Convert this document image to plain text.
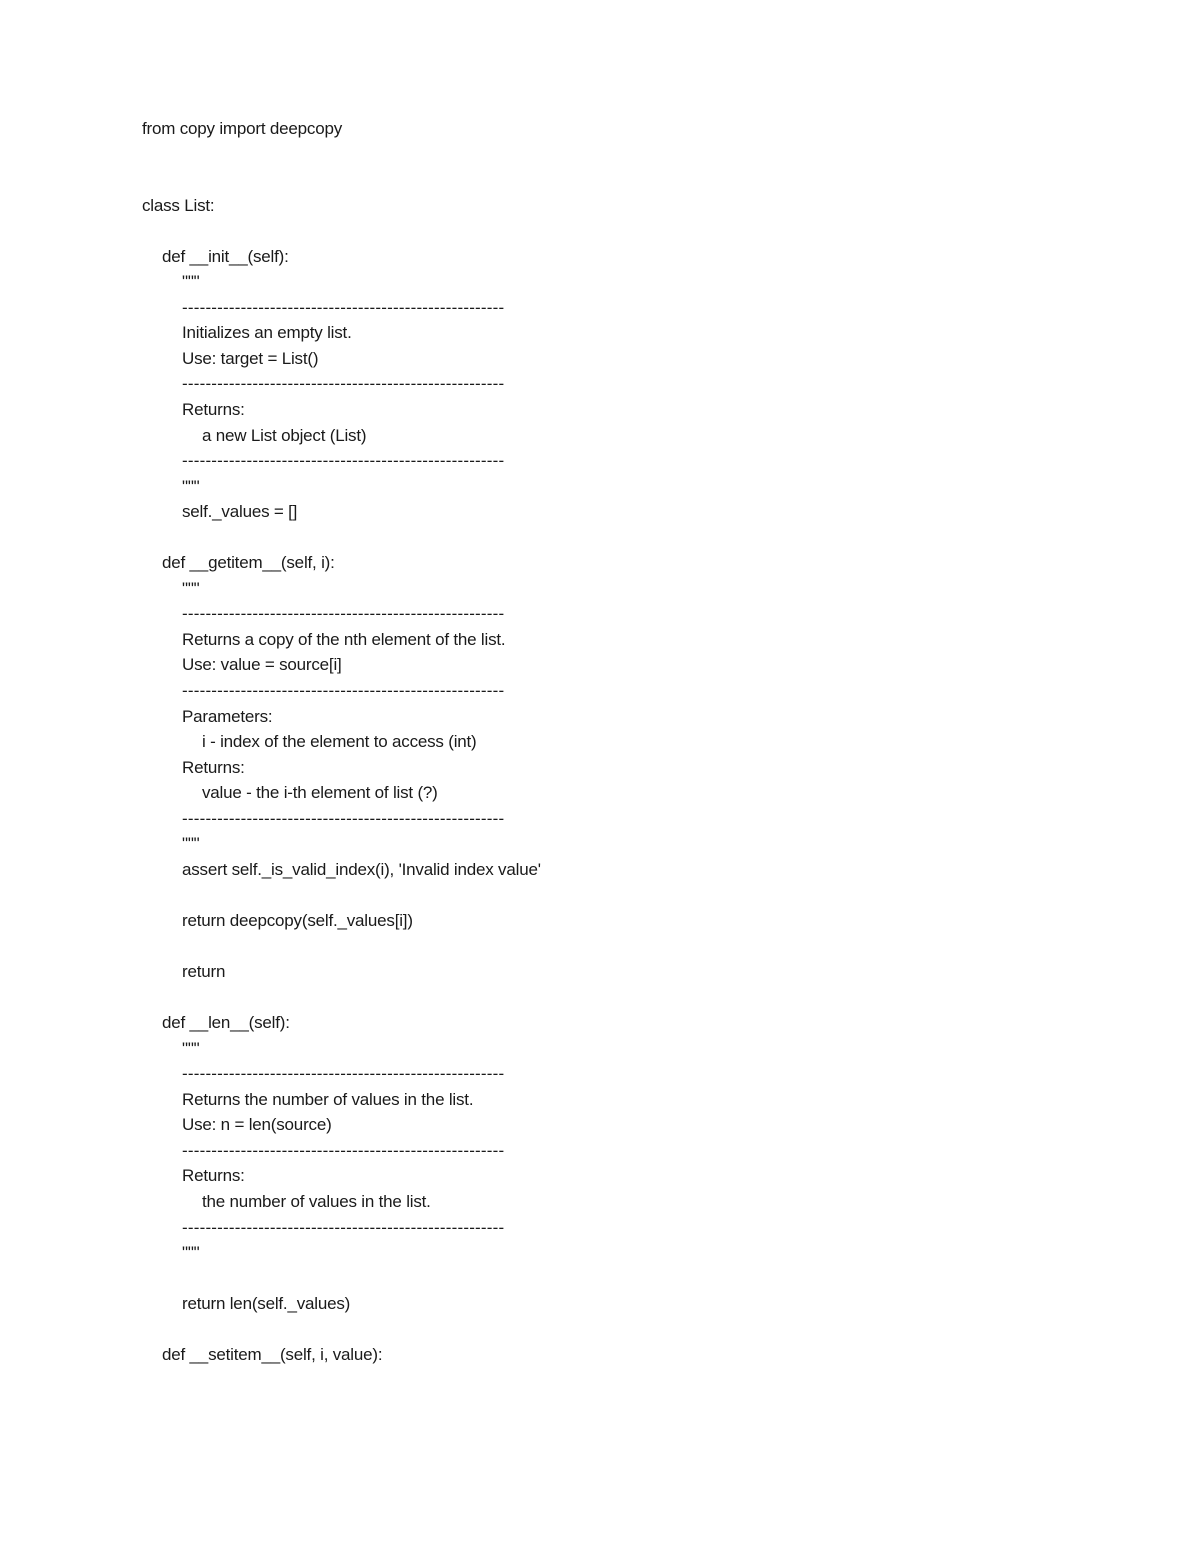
from copy import deepcopy
class List:
def __init__(self):
"""
-------------------------------------------------------
Initializes an empty list.
Use: target = List()
-------------------------------------------------------
Returns:
a new List object (List)
-------------------------------------------------------
"""
self._values = []
def __getitem__(self, i):
"""
-------------------------------------------------------
Returns a copy of the nth element of the list.
Use: value = source[i]
-------------------------------------------------------
Parameters:
i - index of the element to access (int)
Returns:
value - the i-th element of list (?)
-------------------------------------------------------
"""
assert self._is_valid_index(i), 'Invalid index value'
return deepcopy(self._values[i])
return
def __len__(self):
"""
-------------------------------------------------------
Returns the number of values in the list.
Use: n = len(source)
-------------------------------------------------------
Returns:
the number of values in the list.
-------------------------------------------------------
"""
return len(self._values)
def __setitem__(self, i, value):
